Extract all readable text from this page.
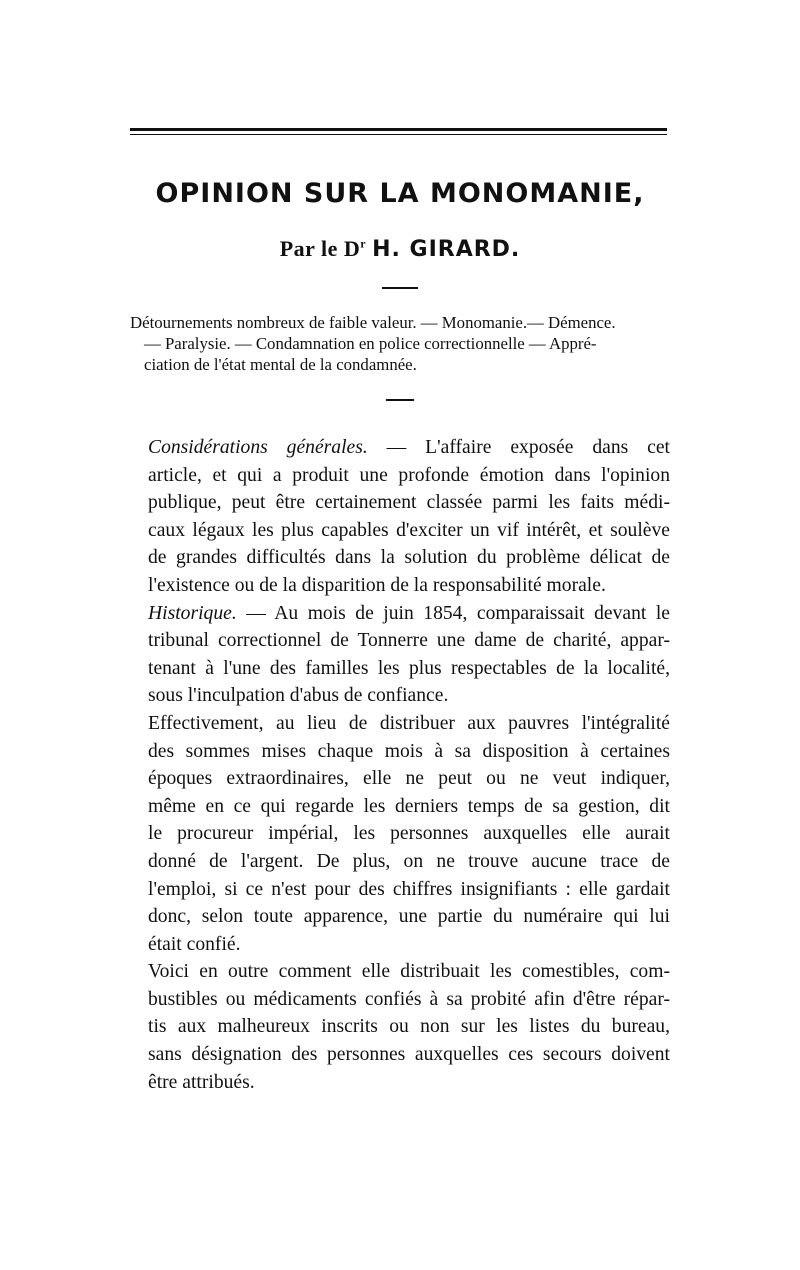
OPINION SUR LA MONOMANIE,

Par le $D^r$ H. GIRARD.

Détournements nombreux de faible valeur. — Monomanie.— Démence.
— Paralysie. — Condamnation en police correctionnelle — Appré-
ciation de l'état mental de la condamnée.

Considérations générales. — L'affaire exposée dans cet
article, et qui a produit une profonde émotion dans l'opinion
publique, peut être certainement classée parmi les faits médi-
caux légaux les plus capables d'exciter un vif intérêt, et soulève
de grandes difficultés dans la solution du problème délicat de
l'existence ou de la disparition de la responsabilité morale.

Historique. — Au mois de juin 1854, comparaissait devant le
tribunal correctionnel de Tonnerre une dame de charité, appar-
tenant à l'une des familles les plus respectables de la localité,
sous l'inculpation d'abus de confiance.

Effectivement, au lieu de distribuer aux pauvres l'intégralité
des sommes mises chaque mois à sa disposition à certaines
époques extraordinaires, elle ne peut ou ne veut indiquer,
même en ce qui regarde les derniers temps de sa gestion, dit
le procureur impérial, les personnes auxquelles elle aurait
donné de l'argent. De plus, on ne trouve aucune trace de
l'emploi, si ce n'est pour des chiffres insignifiants : elle gardait
donc, selon toute apparence, une partie du numéraire qui lui
était confié.

Voici en outre comment elle distribuait les comestibles, com-
bustibles ou médicaments confiés à sa probité afin d'être répar-
tis aux malheureux inscrits ou non sur les listes du bureau,
sans désignation des personnes auxquelles ces secours doivent
être attribués.
